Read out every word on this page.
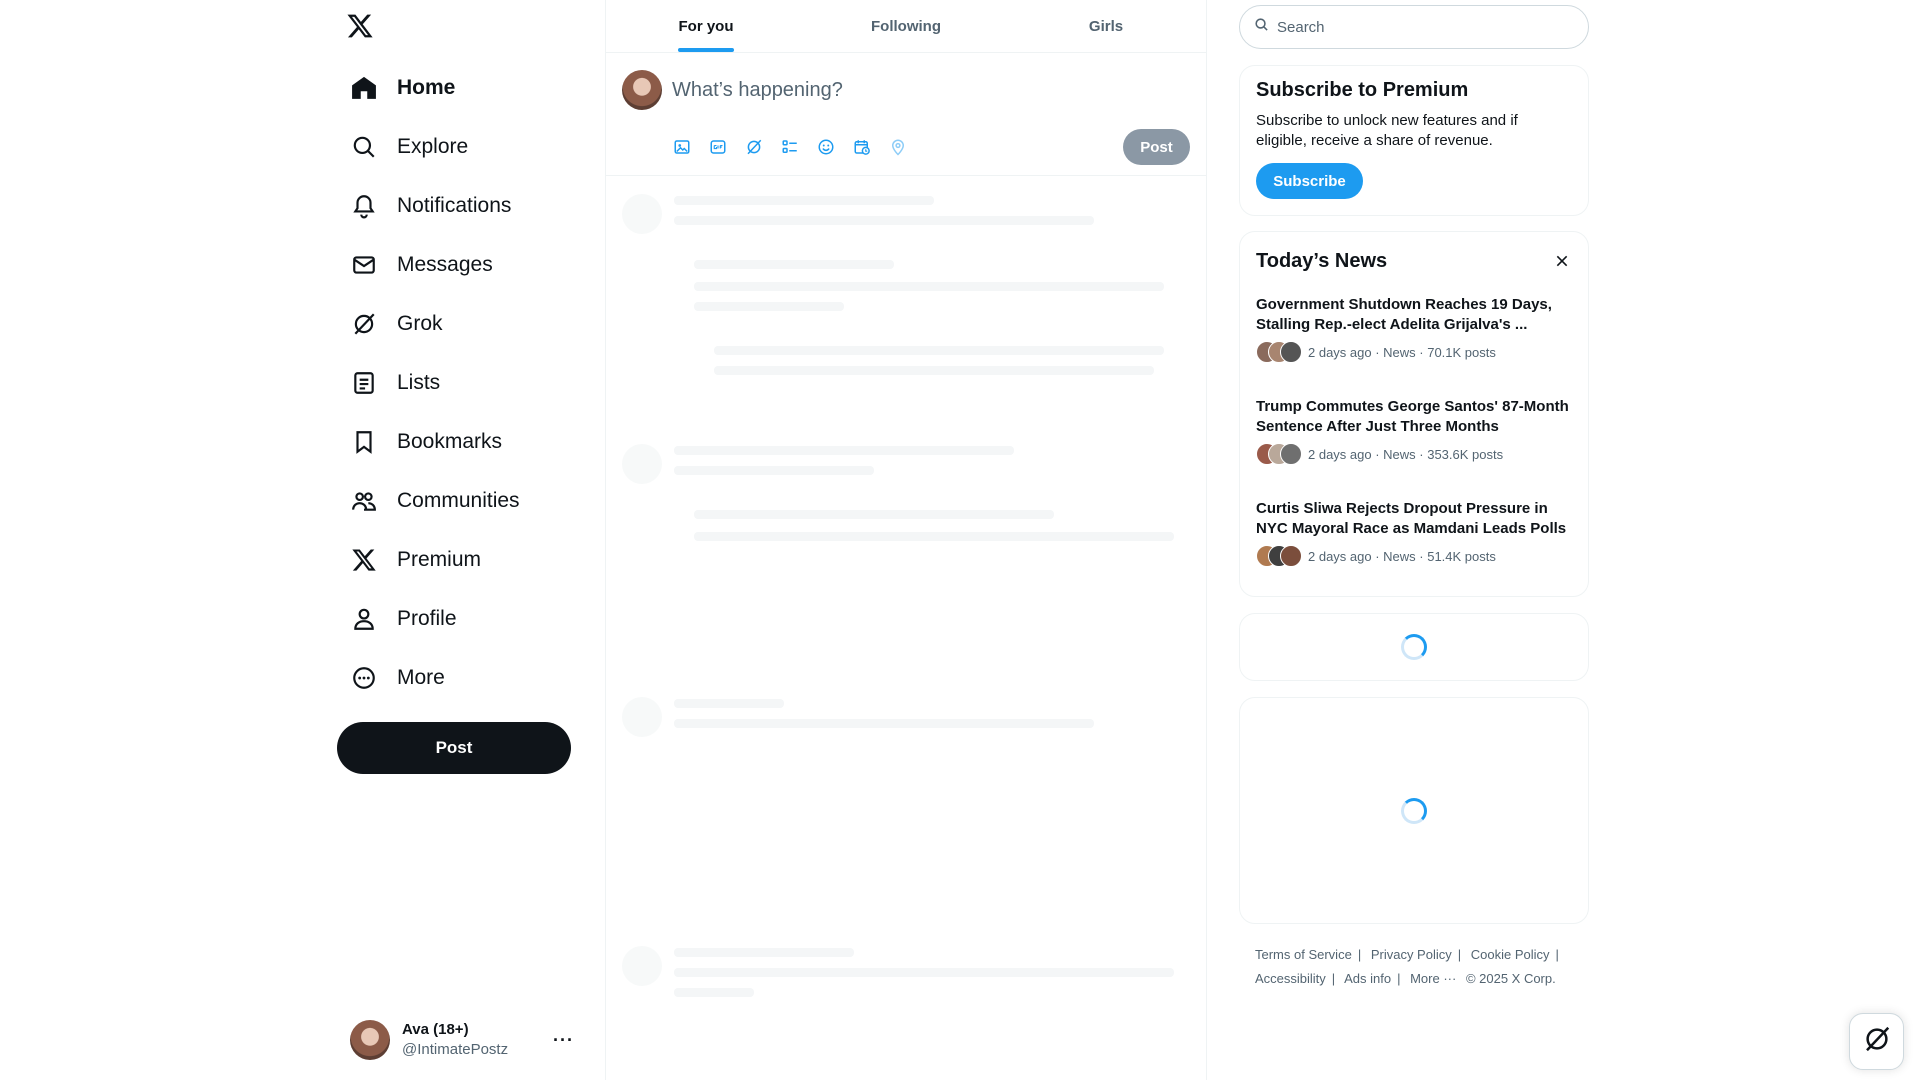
Home
Explore
Notifications
Messages
Grok
Lists
Bookmarks
Communities
Premium
Profile
More
Post
Ava (18+)
@IntimatePostz ···
For you	Following	Girls
What’s happening?
Post
Search
Subscribe to Premium

Subscribe to unlock new features and if eligible, receive a share of revenue.

Subscribe
Today’s News
Government Shutdown Reaches 19 Days, Stalling Rep.-elect Adelita Grijalva's ...
2 days ago · News · 70.1K posts
Trump Commutes George Santos' 87-Month Sentence After Just Three Months
2 days ago · News · 353.6K posts
Curtis Sliwa Rejects Dropout Pressure in NYC Mayoral Race as Mamdani Leads Polls
2 days ago · News · 51.4K posts
Terms of Service | Privacy Policy | Cookie Policy |
Accessibility | Ads info | More ··· © 2025 X Corp.
